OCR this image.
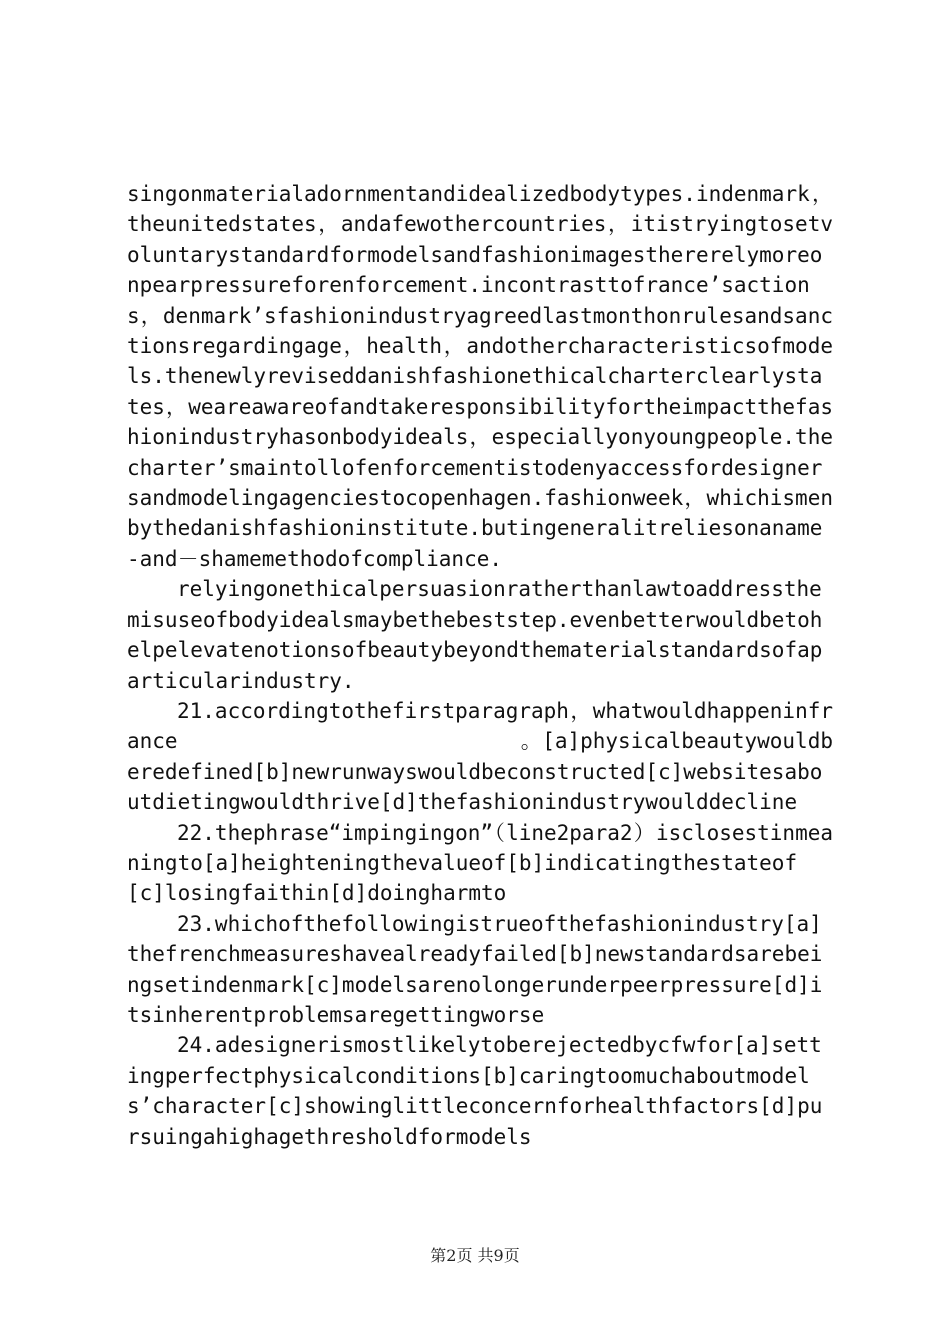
singonmaterialadornmentandidealizedbodytypes.indenmark，theunitedstates，andafewothercountries，itistryingtosetvoluntarystandardformodelsandfashionimagesthererelymoreonpearpressureforenforcement.incontrasttofrance’sactions，denmark’sfashionindustryagreedlastmonthonrulesandsanctionsregardingage，health，andothercharacteristicsofmodels.thenewlyreviseddanishfashionethicalcharterclearlystates，weareawareofandtakeresponsibilityfortheimpactthefashionindustryhasonbodyideals，especiallyonyoungpeople.thecharter’smaintollofenforcementistodenyaccessfordesignersandmodelingagenciestocopenhagen.fashionweek，whichismenbythedanishfashioninstitute.butingeneralitreliesonaname-and－shamemethodofcompliance.

relyingonethicalpersuasionratherthanlawtoaddressthemisuseofbodyidealsmaybethebeststep.evenbetterwouldbetohelpelevatenotionsofbeautybeyondthematerialstandardsofaparticularindustry.

21.accordingtothefirstparagraph，whatwouldhappeninfrance　　　　　　　　　　　　　　　　。[a]physicalbeautywouldberedefined[b]newrunwayswouldbeconstructed[c]websitesaboutdietingwouldthrive[d]thefashionindustrywoulddecline

22.thephrase“impingingon”（line2para2）isclosestinmeaningto[a]heighteningthevalueof[b]indicatingthestateof[c]losingfaithin[d]doingharmto

23.whichofthefollowingistrueofthefashionindustry[a]thefrenchmeasureshavealreadyfailed[b]newstandardsarebeingsetindenmark[c]modelsarenolongerunderpeerpressure[d]itsinherentproblemsaregettingworse

24.adesignerismostlikelytoberejectedbycfwfor[a]settingperfectphysicalconditions[b]caringtoomuchaboutmodels’character[c]showinglittleconcernforhealthfactors[d]pursuingahighagethresholdformodels

第2页 共9页
